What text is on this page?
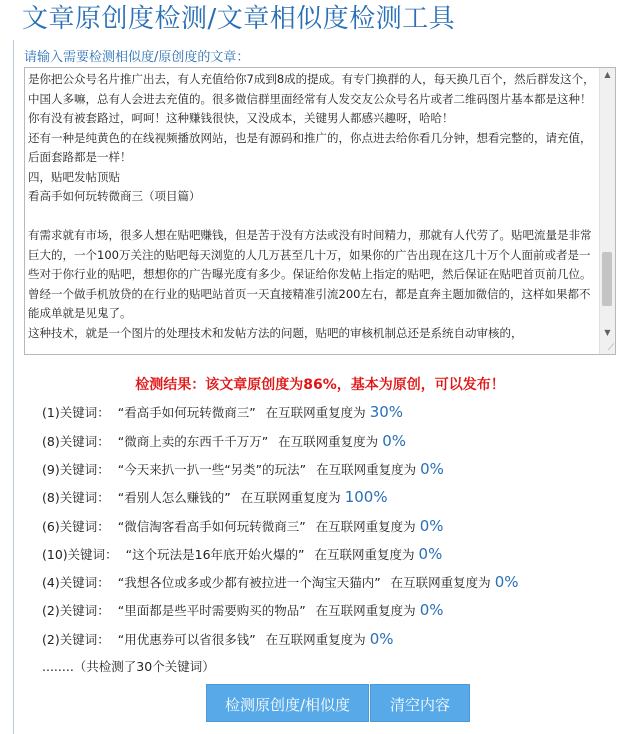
文章原创度检测/文章相似度检测工具
请输入需要检测相似度/原创度的文章：
是你把公众号名片推广出去，有人充值给你7成到8成的提成。有专门换群的人，每天换几百个，然后群发这个，中国人多嘛，总有人会进去充值的。很多微信群里面经常有人发交友公众号名片或者二维码图片基本都是这种！
你有没有被套路过，呵呵！这种赚钱很快，又没成本，关键男人都感兴趣呀，哈哈！
还有一种是纯黄色的在线视频播放网站，也是有源码和推广的，你点进去给你看几分钟，想看完整的，请充值，后面套路都是一样！
四，贴吧发帖顶贴
看高手如何玩转微商三（项目篇）

有需求就有市场，很多人想在贴吧赚钱，但是苦于没有方法或没有时间精力，那就有人代劳了。贴吧流量是非常巨大的，一个100万关注的贴吧每天浏览的人几万甚至几十万，如果你的广告出现在这几十万个人面前或者是一些对于你行业的贴吧，想想你的广告曝光度有多少。保证给你发帖上指定的贴吧，然后保证在贴吧首页前几位。曾经一个做手机放贷的在行业的贴吧站首页一天直接精准引流200左右，都是直奔主题加微信的，这样如果都不能成单就是见鬼了。
这种技术，就是一个图片的处理技术和发帖方法的问题，贴吧的审核机制总还是系统自动审核的，
▲
▼
⟋
检测结果：该文章原创度为86%，基本为原创，可以发布！
(1)关键词： “看高手如何玩转微商三” 在互联网重复度为 30%
(8)关键词： “微商上卖的东西千千万万” 在互联网重复度为 0%
(9)关键词： “今天来扒一扒一些“另类”的玩法” 在互联网重复度为 0%
(8)关键词： “看别人怎么赚钱的” 在互联网重复度为 100%
(6)关键词： “微信淘客看高手如何玩转微商三” 在互联网重复度为 0%
(10)关键词： “这个玩法是16年底开始火爆的” 在互联网重复度为 0%
(4)关键词： “我想各位或多或少都有被拉进一个淘宝天猫内” 在互联网重复度为 0%
(2)关键词： “里面都是些平时需要购买的物品” 在互联网重复度为 0%
(2)关键词： “用优惠券可以省很多钱” 在互联网重复度为 0%
........（共检测了30个关键词）
检测原创度/相似度	清空内容
